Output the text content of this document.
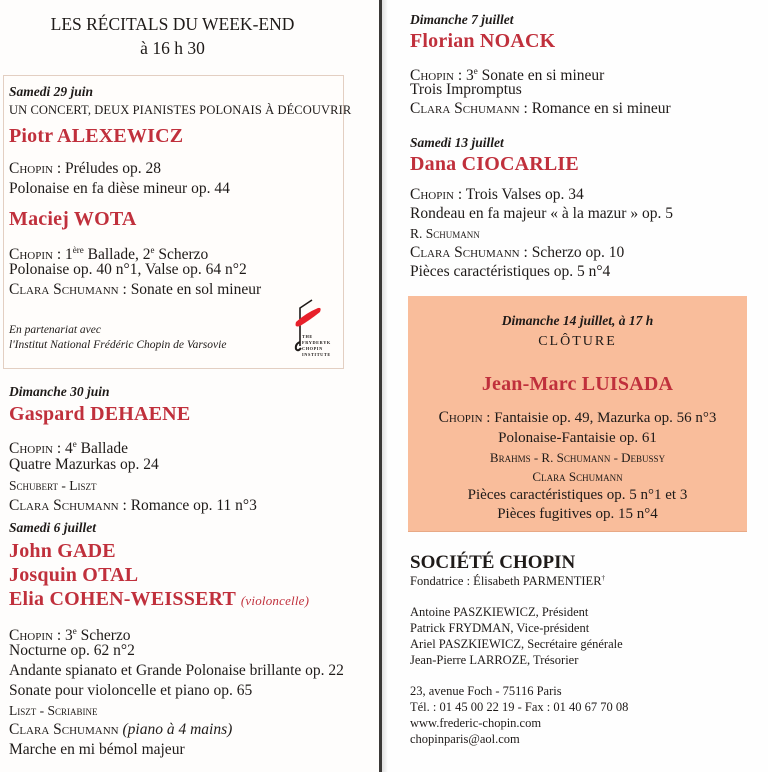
LES RÉCITALS DU WEEK-END
à 16 h 30
Samedi 29 juin
UN CONCERT, DEUX PIANISTES POLONAIS À DÉCOUVRIR
Piotr ALEXEWICZ
Chopin : Préludes op. 28
Polonaise en fa dièse mineur op. 44
Maciej WOTA
Chopin : 1ère Ballade, 2e Scherzo
Polonaise op. 40 n°1, Valse op. 64 n°2
Clara Schumann : Sonate en sol mineur
En partenariat avec
l'Institut National Frédéric Chopin de Varsovie
THE
FRYDERYK
CHOPIN
INSTITUTE
Dimanche 30 juin
Gaspard DEHAENE
Chopin : 4e Ballade
Quatre Mazurkas op. 24
Schubert - Liszt
Clara Schumann : Romance op. 11 n°3
Samedi 6 juillet
John GADE
Josquin OTAL
Elia COHEN-WEISSERT (violoncelle)
Chopin : 3e Scherzo
Nocturne op. 62 n°2
Andante spianato et Grande Polonaise brillante op. 22
Sonate pour violoncelle et piano op. 65
Liszt - Scriabine
Clara Schumann (piano à 4 mains)
Marche en mi bémol majeur
Dimanche 7 juillet
Florian NOACK
Chopin : 3e Sonate en si mineur
Trois Impromptus
Clara Schumann : Romance en si mineur
Samedi 13 juillet
Dana CIOCARLIE
Chopin : Trois Valses op. 34
Rondeau en fa majeur « à la mazur » op. 5
R. Schumann
Clara Schumann : Scherzo op. 10
Pièces caractéristiques op. 5 n°4
Dimanche 14 juillet, à 17 h
CLÔTURE
Jean-Marc LUISADA
Chopin : Fantaisie op. 49, Mazurka op. 56 n°3
Polonaise-Fantaisie op. 61
Brahms - R. Schumann - Debussy
Clara Schumann
Pièces caractéristiques op. 5 n°1 et 3
Pièces fugitives op. 15 n°4
SOCIÉTÉ CHOPIN
Fondatrice : Élisabeth PARMENTIER†
Antoine PASZKIEWICZ, Président
Patrick FRYDMAN, Vice-président
Ariel PASZKIEWICZ, Secrétaire générale
Jean-Pierre LARROZE, Trésorier
23, avenue Foch - 75116 Paris
Tél. : 01 45 00 22 19 - Fax : 01 40 67 70 08
www.frederic-chopin.com
chopinparis@aol.com
